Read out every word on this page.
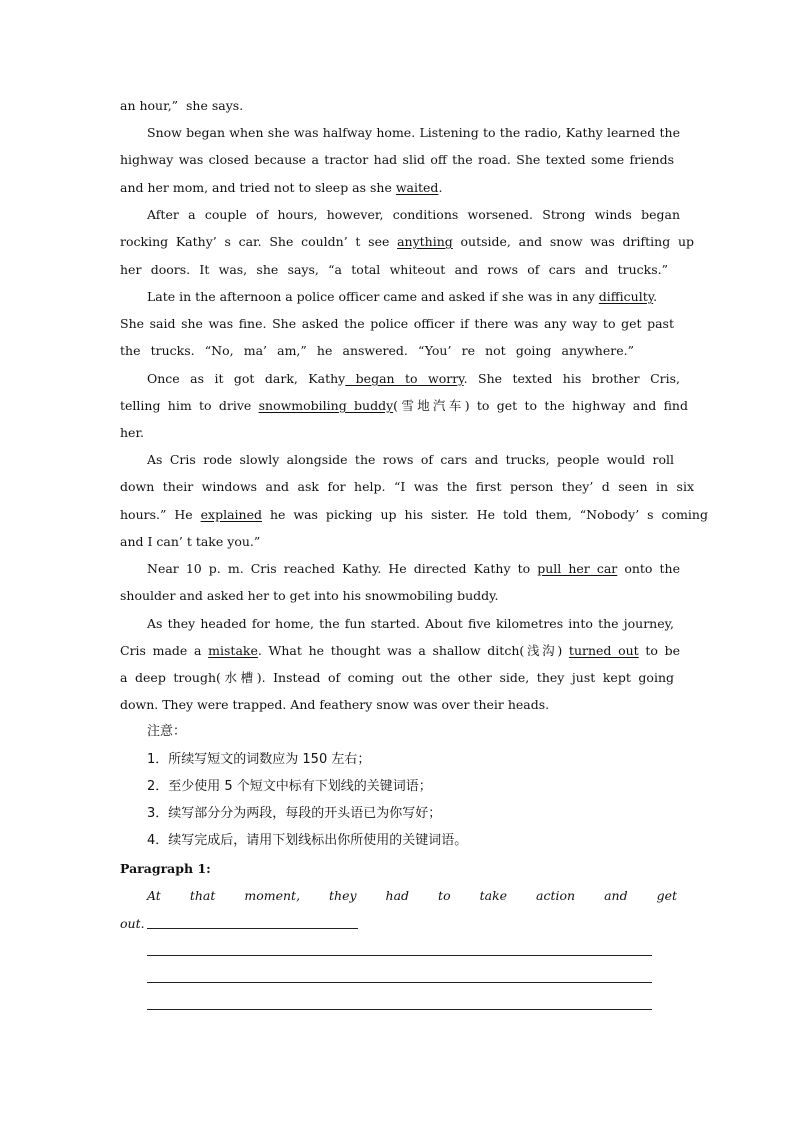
an hour,”  she says.
Snow began when she was halfway home. Listening to the radio, Kathy learned the
highway was closed because a tractor had slid off the road. She texted some friends
and her mom, and tried not to sleep as she waited.
After a couple of hours, however, conditions worsened. Strong winds began
rocking Kathy’ s car. She couldn’ t see anything outside, and snow was drifting up
her doors. It was, she says, “a total whiteout and rows of cars and trucks.”
Late in the afternoon a police officer came and asked if she was in any difficulty.
She said she was fine. She asked the police officer if there was any way to get past
the trucks. “No, ma’ am,” he answered. “You’ re not going anywhere.”
Once as it got dark, Kathy began to worry. She texted his brother Cris,
telling him to drive snowmobiling buddy(雪地汽车) to get to the highway and find
her.
As Cris rode slowly alongside the rows of cars and trucks, people would roll
down their windows and ask for help. “I was the first person they’ d seen in six
hours.” He explained he was picking up his sister. He told them, “Nobody’ s coming
and I can’ t take you.”
Near 10 p. m. Cris reached Kathy. He directed Kathy to pull her car onto the
shoulder and asked her to get into his snowmobiling buddy.
As they headed for home, the fun started. About five kilometres into the journey,
Cris made a mistake. What he thought was a shallow ditch(浅沟) turned out to be
a deep trough(水槽). Instead of coming out the other side, they just kept going
down. They were trapped. And feathery snow was over their heads.
注意：
1．所续写短文的词数应为 150 左右；
2．至少使用 5 个短文中标有下划线的关键词语；
3．续写部分分为两段，每段的开头语已为你写好；
4．续写完成后，请用下划线标出你所使用的关键词语。
Paragraph 1:
At that moment, they had to take action and get
out.
